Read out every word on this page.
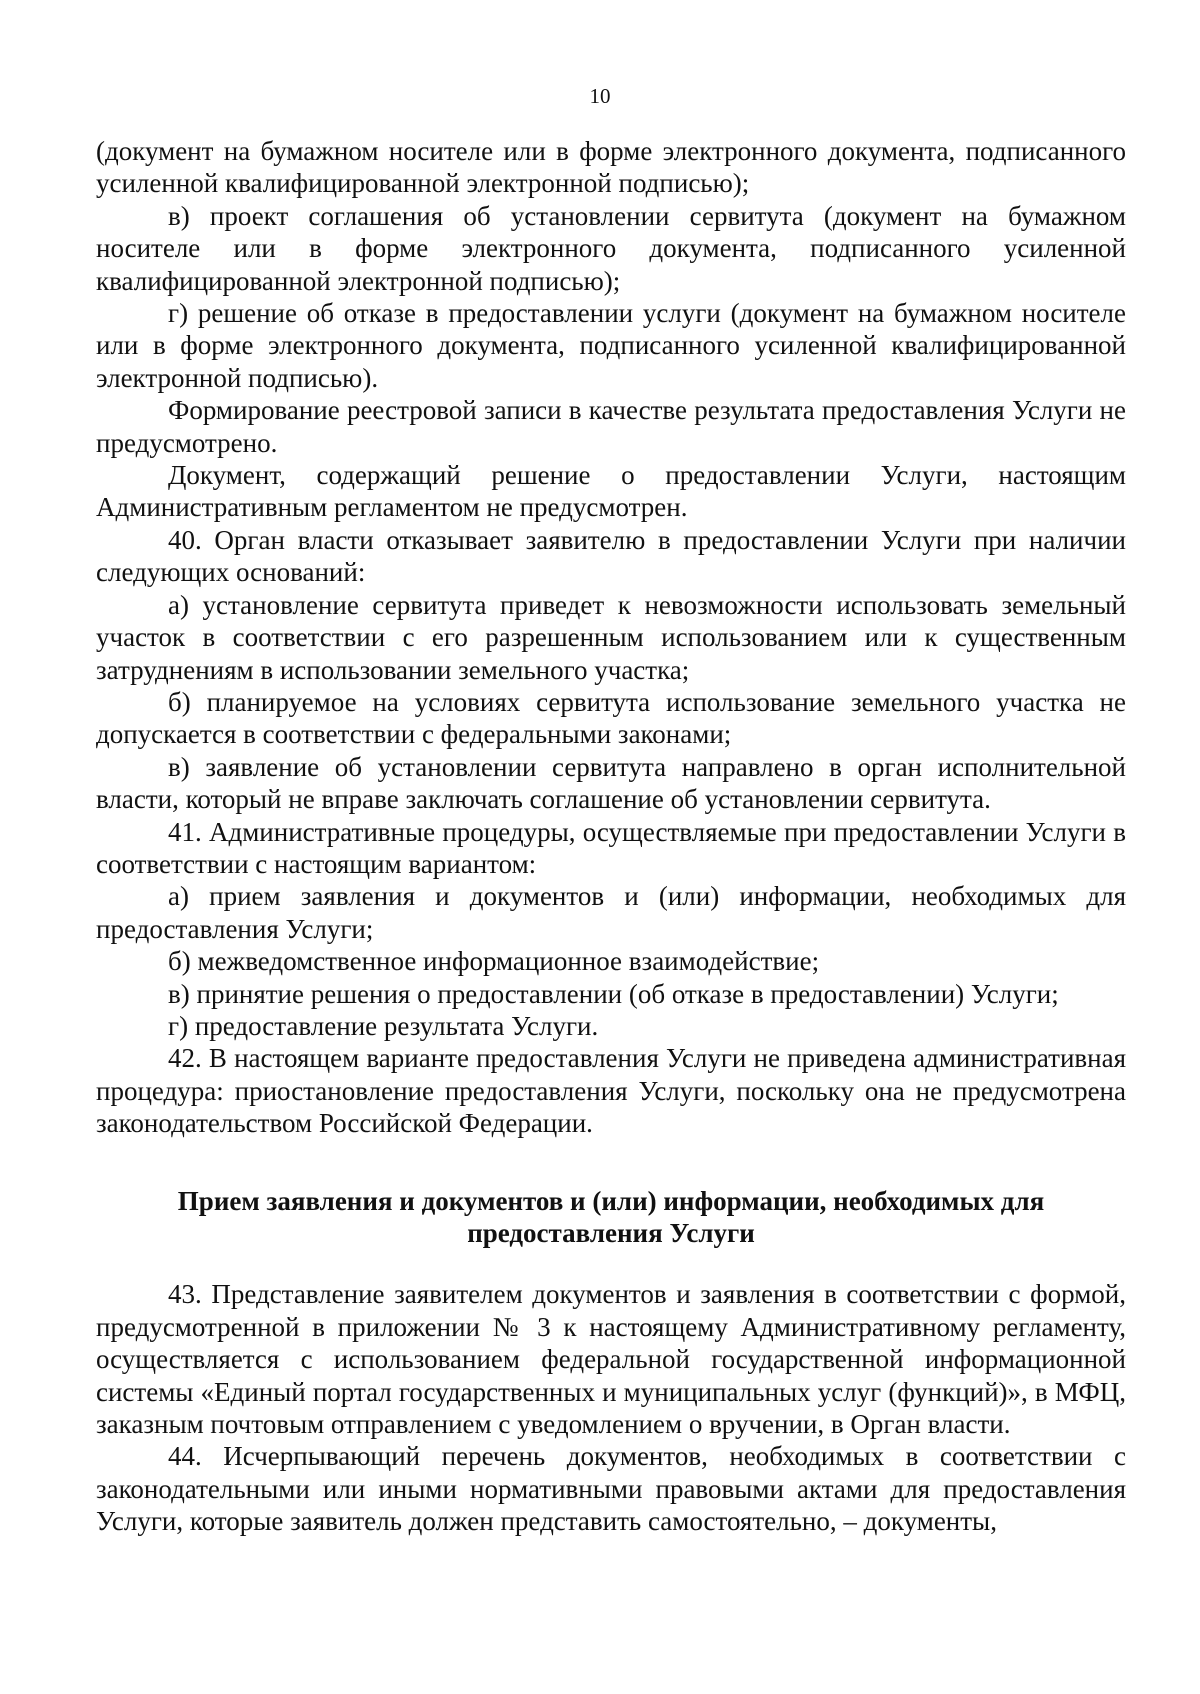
10

(документ на бумажном носителе или в форме электронного документа, подписанного усиленной квалифицированной электронной подписью);

в) проект соглашения об установлении сервитута (документ на бумажном носителе или в форме электронного документа, подписанного усиленной квалифицированной электронной подписью);

г) решение об отказе в предоставлении услуги (документ на бумажном носителе или в форме электронного документа, подписанного усиленной квалифицированной электронной подписью).

Формирование реестровой записи в качестве результата предоставления Услуги не предусмотрено.

Документ, содержащий решение о предоставлении Услуги, настоящим Административным регламентом не предусмотрен.

40. Орган власти отказывает заявителю в предоставлении Услуги при наличии следующих оснований:

а) установление сервитута приведет к невозможности использовать земельный участок в соответствии с его разрешенным использованием или к существенным затруднениям в использовании земельного участка;

б) планируемое на условиях сервитута использование земельного участка не допускается в соответствии с федеральными законами;

в) заявление об установлении сервитута направлено в орган исполнительной власти, который не вправе заключать соглашение об установлении сервитута.

41. Административные процедуры, осуществляемые при предоставлении Услуги в соответствии с настоящим вариантом:

а) прием заявления и документов и (или) информации, необходимых для предоставления Услуги;

б) межведомственное информационное взаимодействие;

в) принятие решения о предоставлении (об отказе в предоставлении) Услуги;

г) предоставление результата Услуги.

42. В настоящем варианте предоставления Услуги не приведена административная процедура: приостановление предоставления Услуги, поскольку она не предусмотрена законодательством Российской Федерации.

Прием заявления и документов и (или) информации, необходимых для
предоставления Услуги

43. Представление заявителем документов и заявления в соответствии с формой, предусмотренной в приложении № 3 к настоящему Административному регламенту, осуществляется с использованием федеральной государственной информационной системы «Единый портал государственных и муниципальных услуг (функций)», в МФЦ, заказным почтовым отправлением с уведомлением о вручении, в Орган власти.

44. Исчерпывающий перечень документов, необходимых в соответствии с законодательными или иными нормативными правовыми актами для предоставления Услуги, которые заявитель должен представить самостоятельно, – документы,
